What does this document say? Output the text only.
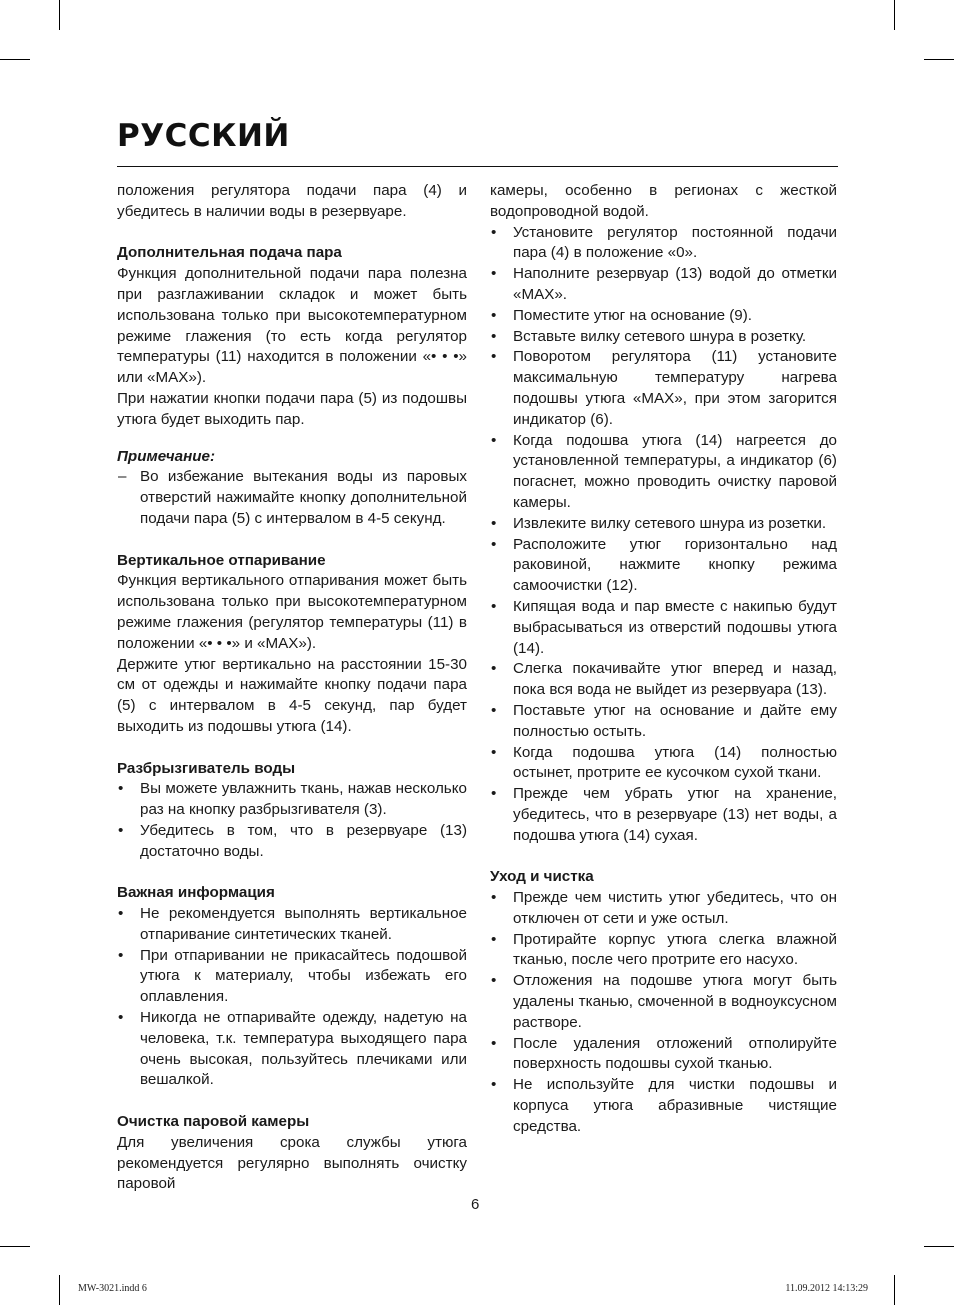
РУССКИЙ

положения регулятора подачи пара (4) и убедитесь в наличии воды в резервуаре.

Дополнительная подача пара

Функция дополнительной подачи пара полезна при разглаживании складок и может быть использована только при высокотемпературном режиме глажения (то есть когда регулятор температуры (11) находится в положении «• • •» или «MAX»).

При нажатии кнопки подачи пара (5) из подошвы утюга будет выходить пар.

Примечание:

– Во избежание вытекания воды из паровых отверстий нажимайте кнопку дополнительной подачи пара (5) с интервалом в 4-5 секунд.

Вертикальное отпаривание

Функция вертикального отпаривания может быть использована только при высокотемпературном режиме глажения (регулятор температуры (11) в положении «• • •» и «MAX»).

Держите утюг вертикально на расстоянии 15-30 см от одежды и нажимайте кнопку подачи пара (5) с интервалом в 4-5 секунд, пар будет выходить из подошвы утюга (14).

Разбрызгиватель воды

• Вы можете увлажнить ткань, нажав несколько раз на кнопку разбрызгивателя (3).
• Убедитесь в том, что в резервуаре (13) достаточно воды.

Важная информация

• Не рекомендуется выполнять вертикальное отпаривание синтетических тканей.
• При отпаривании не прикасайтесь подошвой утюга к материалу, чтобы избежать его оплавления.
• Никогда не отпаривайте одежду, надетую на человека, т.к. температура выходящего пара очень высокая, пользуйтесь плечиками или вешалкой.

Очистка паровой камеры

Для увеличения срока службы утюга рекомендуется регулярно выполнять очистку паровой

камеры, особенно в регионах с жесткой водопроводной водой.

• Установите регулятор постоянной подачи пара (4) в положение «0».
• Наполните резервуар (13) водой до отметки «MAX».
• Поместите утюг на основание (9).
• Вставьте вилку сетевого шнура в розетку.
• Поворотом регулятора (11) установите максимальную температуру нагрева подошвы утюга «MAX», при этом загорится индикатор (6).
• Когда подошва утюга (14) нагреется до установленной температуры, а индикатор (6) погаснет, можно проводить очистку паровой камеры.
• Извлеките вилку сетевого шнура из розетки.
• Расположите утюг горизонтально над раковиной, нажмите кнопку режима самоочистки (12).
• Кипящая вода и пар вместе с накипью будут выбрасываться из отверстий подошвы утюга (14).
• Слегка покачивайте утюг вперед и назад, пока вся вода не выйдет из резервуара (13).
• Поставьте утюг на основание и дайте ему полностью остыть.
• Когда подошва утюга (14) полностью остынет, протрите ее кусочком сухой ткани.
• Прежде чем убрать утюг на хранение, убедитесь, что в резервуаре (13) нет воды, а подошва утюга (14) сухая.

Уход и чистка

• Прежде чем чистить утюг убедитесь, что он отключен от сети и уже остыл.
• Протирайте корпус утюга слегка влажной тканью, после чего протрите его насухо.
• Отложения на подошве утюга могут быть удалены тканью, смоченной в водноуксусном растворе.
• После удаления отложений отполируйте поверхность подошвы сухой тканью.
• Не используйте для чистки подошвы и корпуса утюга абразивные чистящие средства.
6
MW-3021.indd 6	11.09.2012 14:13:29
